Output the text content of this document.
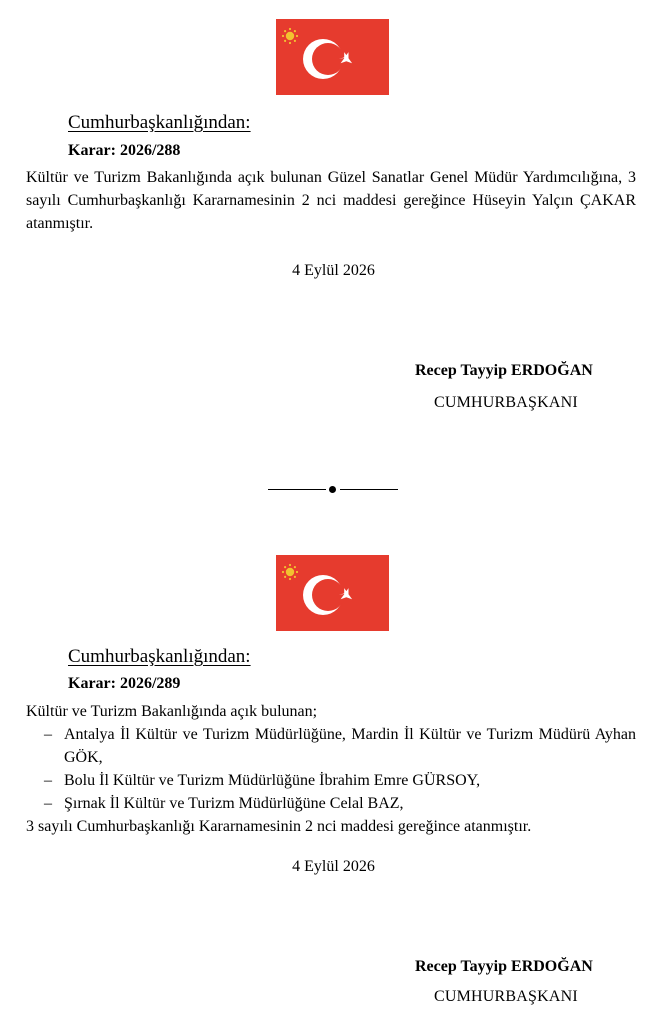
Cumhurbaşkanlığından:
Karar: 2026/288
Kültür ve Turizm Bakanlığında açık bulunan Güzel Sanatlar Genel Müdür Yardımcılığına, 3 sayılı Cumhurbaşkanlığı Kararnamesinin 2 nci maddesi gereğince Hüseyin Yalçın ÇAKAR atanmıştır.
4 Eylül 2026
Recep Tayyip ERDOĞAN
CUMHURBAŞKANI
Cumhurbaşkanlığından:
Karar: 2026/289
Kültür ve Turizm Bakanlığında açık bulunan;
– Antalya İl Kültür ve Turizm Müdürlüğüne, Mardin İl Kültür ve Turizm Müdürü Ayhan GÖK,
– Bolu İl Kültür ve Turizm Müdürlüğüne İbrahim Emre GÜRSOY,
– Şırnak İl Kültür ve Turizm Müdürlüğüne Celal BAZ,
3 sayılı Cumhurbaşkanlığı Kararnamesinin 2 nci maddesi gereğince atanmıştır.
4 Eylül 2026
Recep Tayyip ERDOĞAN
CUMHURBAŞKANI
